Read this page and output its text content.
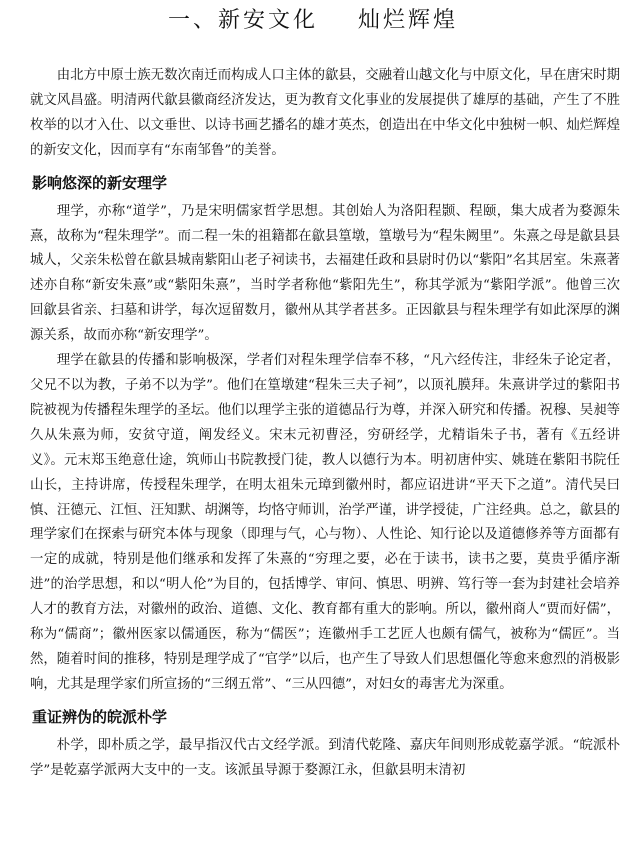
一、新安文化    灿烂辉煌

由北方中原士族无数次南迁而构成人口主体的歙县，交融着山越文化与中原文化，早在唐宋时期就文风昌盛。明清两代歙县徽商经济发达，更为教育文化事业的发展提供了雄厚的基础，产生了不胜枚举的以才入仕、以文垂世、以诗书画艺播名的雄才英杰，创造出在中华文化中独树一帜、灿烂辉煌的新安文化，因而享有“东南邹鲁”的美誉。

影响悠深的新安理学

理学，亦称“道学”，乃是宋明儒家哲学思想。其创始人为洛阳程颢、程颐，集大成者为婺源朱熹，故称为“程朱理学”。而二程一朱的祖籍都在歙县篁墩，篁墩号为“程朱阙里”。朱熹之母是歙县县城人，父亲朱松曾在歙县城南紫阳山老子祠读书，去福建任政和县尉时仍以“紫阳”名其居室。朱熹著述亦自称“新安朱熹”或“紫阳朱熹”，当时学者称他“紫阳先生”，称其学派为“紫阳学派”。他曾三次回歙县省亲、扫墓和讲学，每次逗留数月，徽州从其学者甚多。正因歙县与程朱理学有如此深厚的渊源关系，故而亦称“新安理学”。

理学在歙县的传播和影响极深，学者们对程朱理学信奉不移，“凡六经传注，非经朱子论定者，父兄不以为教，子弟不以为学”。他们在篁墩建“程朱三夫子祠”，以顶礼膜拜。朱熹讲学过的紫阳书院被视为传播程朱理学的圣坛。他们以理学主张的道德品行为尊，并深入研究和传播。祝穆、吴昶等久从朱熹为师，安贫守道，阐发经义。宋末元初曹泾，穷研经学，尤精诣朱子书，著有《五经讲义》。元末郑玉绝意仕途，筑师山书院教授门徒，教人以德行为本。明初唐仲实、姚琏在紫阳书院任山长，主持讲席，传授程朱理学，在明太祖朱元璋到徽州时，都应诏进讲“平天下之道”。清代吴曰慎、汪德元、江恒、汪知默、胡渊等，均恪守师训，治学严谨，讲学授徒，广注经典。总之，歙县的理学家们在探索与研究本体与现象（即理与气，心与物）、人性论、知行论以及道德修养等方面都有一定的成就，特别是他们继承和发挥了朱熹的“穷理之要，必在于读书，读书之要，莫贵乎循序渐进”的治学思想，和以“明人伦”为目的，包括博学、审问、慎思、明辨、笃行等一套为封建社会培养人才的教育方法，对徽州的政治、道德、文化、教育都有重大的影响。所以，徽州商人“贾而好儒”，称为“儒商”；徽州医家以儒通医，称为“儒医”；连徽州手工艺匠人也颇有儒气，被称为“儒匠”。当然，随着时间的推移，特别是理学成了“官学”以后，也产生了导致人们思想僵化等愈来愈烈的消极影响，尤其是理学家们所宣扬的“三纲五常”、“三从四德”，对妇女的毒害尤为深重。

重证辨伪的皖派朴学

朴学，即朴质之学，最早指汉代古文经学派。到清代乾隆、嘉庆年间则形成乾嘉学派。“皖派朴学”是乾嘉学派两大支中的一支。该派虽导源于婺源江永，但歙县明末清初
